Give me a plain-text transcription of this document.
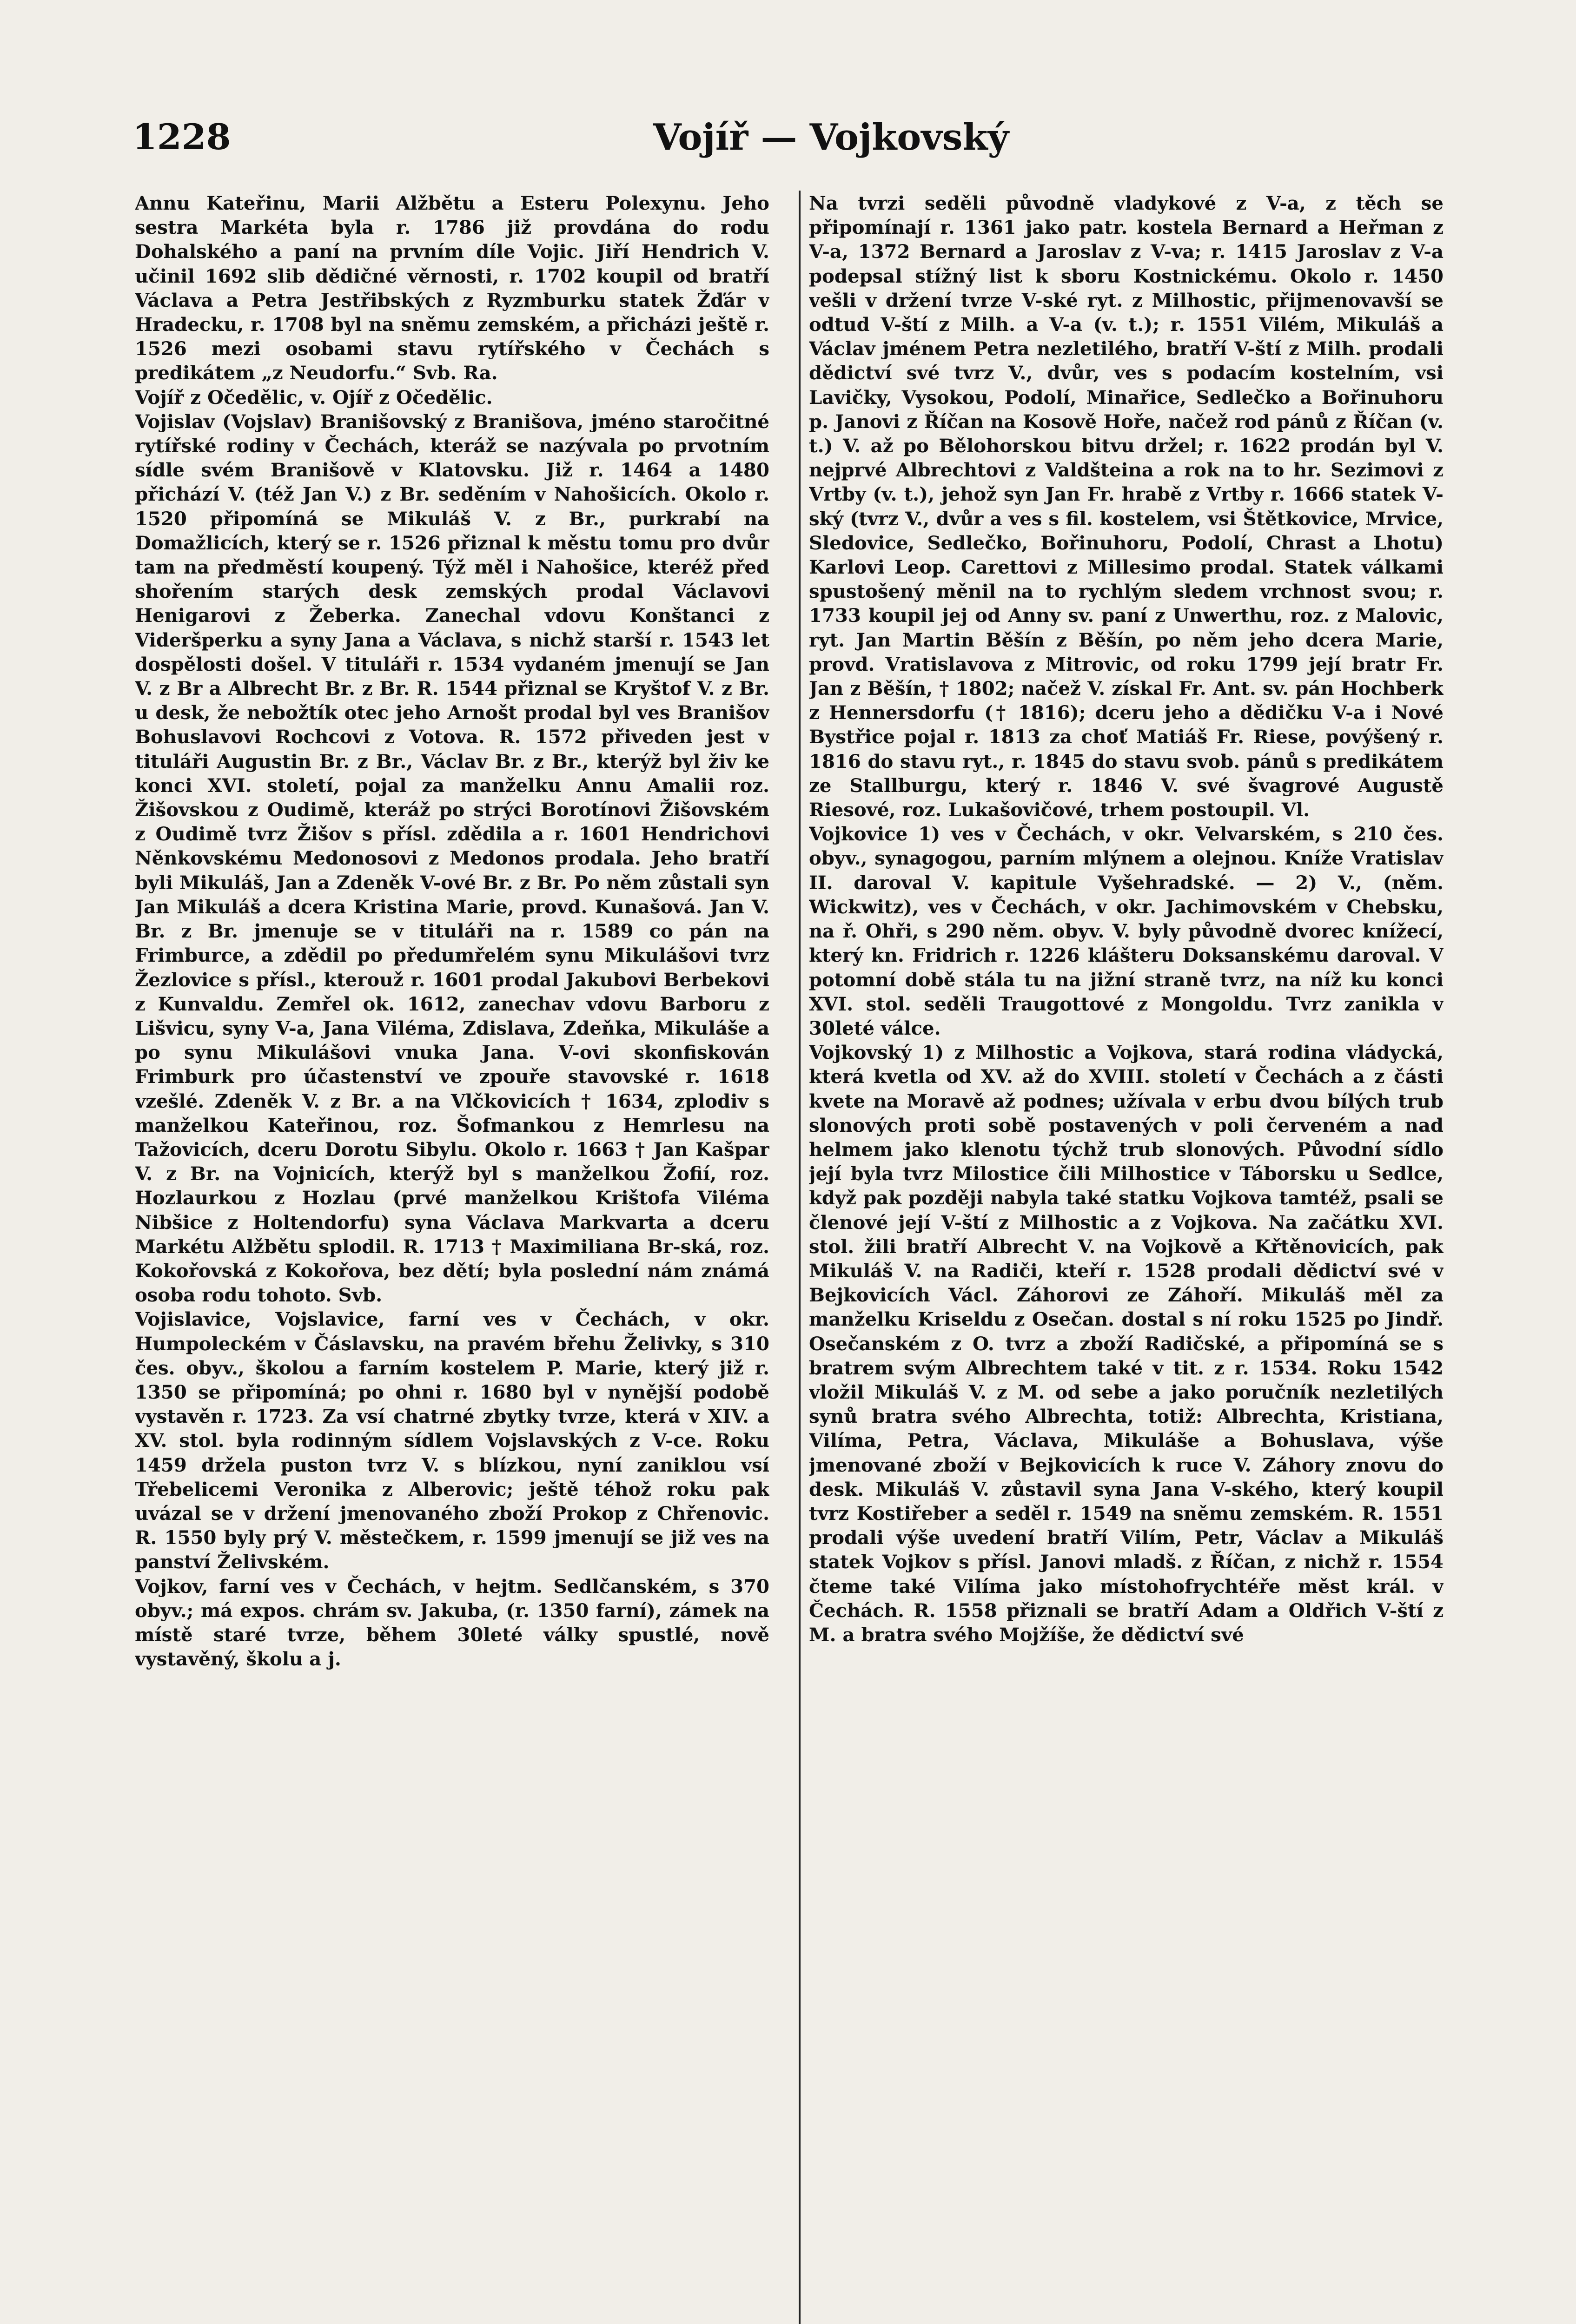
1228	Vojíř — Vojkovský

Annu Kateřinu, Marii Alžbětu a Esteru Polexynu. Jeho sestra Markéta byla r. 1786 již provdána do rodu Dohalského a paní na prvním díle Vojic. Jiří Hendrich V. učinil 1692 slib dědičné věrnosti, r. 1702 koupil od bratří Václava a Petra Jestřibských z Ryzmburku statek Žďár v Hradecku, r. 1708 byl na sněmu zemském, a přicházi ještě r. 1526 mezi osobami stavu rytířského v Čechách s predikátem „z Neudorfu.“ Svb. Ra.

Vojíř z Očedělic, v. Ojíř z Očedělic.

Vojislav (Vojslav) Branišovský z Branišova, jméno staročitné rytířské rodiny v Čechách, kteráž se nazývala po prvotním sídle svém Branišově v Klatovsku. Již r. 1464 a 1480 přichází V. (též Jan V.) z Br. seděním v Nahošicích. Okolo r. 1520 připomíná se Mikuláš V. z Br., purkrabí na Domažlicích, který se r. 1526 přiznal k městu tomu pro dvůr tam na předměstí koupený. Týž měl i Nahošice, kteréž před shořením starých desk zemských prodal Václavovi Henigarovi z Žeberka. Zanechal vdovu Konštanci z Videršperku a syny Jana a Václava, s nichž starší r. 1543 let dospělosti došel. V tituláři r. 1534 vydaném jmenují se Jan V. z Br a Albrecht Br. z Br. R. 1544 přiznal se Kryštof V. z Br. u desk, že nebožtík otec jeho Arnošt prodal byl ves Branišov Bohuslavovi Rochcovi z Votova. R. 1572 přiveden jest v tituláři Augustin Br. z Br., Václav Br. z Br., kterýž byl živ ke konci XVI. století, pojal za manželku Annu Amalii roz. Žišovskou z Oudimě, kteráž po strýci Borotínovi Žišovském z Oudimě tvrz Žišov s přísl. zdědila a r. 1601 Hendrichovi Něnkovskému Medonosovi z Medonos prodala. Jeho bratří byli Mikuláš, Jan a Zdeněk V-ové Br. z Br. Po něm zůstali syn Jan Mikuláš a dcera Kristina Marie, provd. Kunašová. Jan V. Br. z Br. jmenuje se v tituláři na r. 1589 co pán na Frimburce, a zdědil po předumřelém synu Mikulášovi tvrz Žezlovice s přísl., kterouž r. 1601 prodal Jakubovi Berbekovi z Kunvaldu. Zemřel ok. 1612, zanechav vdovu Barboru z Lišvicu, syny V-a, Jana Viléma, Zdislava, Zdeňka, Mikuláše a po synu Mikulášovi vnuka Jana. V-ovi skonfiskován Frimburk pro účastenství ve zpouře stavovské r. 1618 vzešlé. Zdeněk V. z Br. a na Vlčkovicích † 1634, zplodiv s manželkou Kateřinou, roz. Šofmankou z Hemrlesu na Tažovicích, dceru Dorotu Sibylu. Okolo r. 1663 † Jan Kašpar V. z Br. na Vojnicích, kterýž byl s manželkou Žofií, roz. Hozlaurkou z Hozlau (prvé manželkou Krištofa Viléma Nibšice z Holtendorfu) syna Václava Markvarta a dceru Markétu Alžbětu splodil. R. 1713 † Maximiliana Br-ská, roz. Kokořovská z Kokořova, bez dětí; byla poslední nám známá osoba rodu tohoto. Svb.

Vojislavice, Vojslavice, farní ves v Čechách, v okr. Humpoleckém v Čáslavsku, na pravém břehu Želivky, s 310 čes. obyv., školou a farním kostelem P. Marie, který již r. 1350 se připomíná; po ohni r. 1680 byl v nynější podobě vystavěn r. 1723. Za vsí chatrné zbytky tvrze, která v XIV. a XV. stol. byla rodinným sídlem Vojslavských z V-ce. Roku 1459 držela puston tvrz V. s blízkou, nyní zaniklou vsí Třebelicemi Veronika z Alberovic; ještě téhož roku pak uvázal se v držení jmenovaného zboží Prokop z Chřenovic. R. 1550 byly prý V. městečkem, r. 1599 jmenují se již ves na panství Želivském.

Vojkov, farní ves v Čechách, v hejtm. Sedlčanském, s 370 obyv.; má expos. chrám sv. Jakuba, (r. 1350 farní), zámek na místě staré tvrze, během 30leté války spustlé, nově vystavěný, školu a j.

Na tvrzi seděli původně vladykové z V-a, z těch se připomínají r. 1361 jako patr. kostela Bernard a Heřman z V-a, 1372 Bernard a Jaroslav z V-va; r. 1415 Jaroslav z V-a podepsal stížný list k sboru Kostnickému. Okolo r. 1450 vešli v držení tvrze V-ské ryt. z Milhostic, přijmenovavší se odtud V-ští z Milh. a V-a (v. t.); r. 1551 Vilém, Mikuláš a Václav jménem Petra nezletilého, bratří V-ští z Milh. prodali dědictví své tvrz V., dvůr, ves s podacím kostelním, vsi Lavičky, Vysokou, Podolí, Minařice, Sedlečko a Bořinuhoru p. Janovi z Říčan na Kosově Hoře, načež rod pánů z Říčan (v. t.) V. až po Bělohorskou bitvu držel; r. 1622 prodán byl V. nejprvé Albrechtovi z Valdšteina a rok na to hr. Sezimovi z Vrtby (v. t.), jehož syn Jan Fr. hrabě z Vrtby r. 1666 statek V-ský (tvrz V., dvůr a ves s fil. kostelem, vsi Štětkovice, Mrvice, Sledovice, Sedlečko, Bořinuhoru, Podolí, Chrast a Lhotu) Karlovi Leop. Carettovi z Millesimo prodal. Statek válkami spustošený měnil na to rychlým sledem vrchnost svou; r. 1733 koupil jej od Anny sv. paní z Unwerthu, roz. z Malovic, ryt. Jan Martin Běšín z Běšín, po něm jeho dcera Marie, provd. Vratislavova z Mitrovic, od roku 1799 její bratr Fr. Jan z Běšín, † 1802; načež V. získal Fr. Ant. sv. pán Hochberk z Hennersdorfu († 1816); dceru jeho a dědičku V-a i Nové Bystřice pojal r. 1813 za choť Matiáš Fr. Riese, povýšený r. 1816 do stavu ryt., r. 1845 do stavu svob. pánů s predikátem ze Stallburgu, který r. 1846 V. své švagrové Augustě Riesové, roz. Lukašovičové, trhem postoupil. Vl.

Vojkovice 1) ves v Čechách, v okr. Velvarském, s 210 čes. obyv., synagogou, parním mlýnem a olejnou. Kníže Vratislav II. daroval V. kapitule Vyšehradské. — 2) V., (něm. Wickwitz), ves v Čechách, v okr. Jachimovském v Chebsku, na ř. Ohři, s 290 něm. obyv. V. byly původně dvorec knížecí, který kn. Fridrich r. 1226 klášteru Doksanskému daroval. V potomní době stála tu na jižní straně tvrz, na níž ku konci XVI. stol. seděli Traugottové z Mongoldu. Tvrz zanikla v 30leté válce.

Vojkovský 1) z Milhostic a Vojkova, stará rodina vládycká, která kvetla od XV. až do XVIII. století v Čechách a z části kvete na Moravě až podnes; užívala v erbu dvou bílých trub slonových proti sobě postavených v poli červeném a nad helmem jako klenotu týchž trub slonových. Původní sídlo její byla tvrz Milostice čili Milhostice v Táborsku u Sedlce, když pak později nabyla také statku Vojkova tamtéž, psali se členové její V-ští z Milhostic a z Vojkova. Na začátku XVI. stol. žili bratří Albrecht V. na Vojkově a Křtěnovicích, pak Mikuláš V. na Radiči, kteří r. 1528 prodali dědictví své v Bejkovicích Václ. Záhorovi ze Záhoří. Mikuláš měl za manželku Kriseldu z Osečan. dostal s ní roku 1525 po Jindř. Osečanském z O. tvrz a zboží Radičské, a připomíná se s bratrem svým Albrechtem také v tit. z r. 1534. Roku 1542 vložil Mikuláš V. z M. od sebe a jako poručník nezletilých synů bratra svého Albrechta, totiž: Albrechta, Kristiana, Vilíma, Petra, Václava, Mikuláše a Bohuslava, výše jmenované zboží v Bejkovicích k ruce V. Záhory znovu do desk. Mikuláš V. zůstavil syna Jana V-ského, který koupil tvrz Kostiřeber a seděl r. 1549 na sněmu zemském. R. 1551 prodali výše uvedení bratří Vilím, Petr, Václav a Mikuláš statek Vojkov s přísl. Janovi mladš. z Říčan, z nichž r. 1554 čteme také Vilíma jako místohofrychtéře měst král. v Čechách. R. 1558 přiznali se bratří Adam a Oldřich V-ští z M. a bratra svého Mojžíše, že dědictví své
